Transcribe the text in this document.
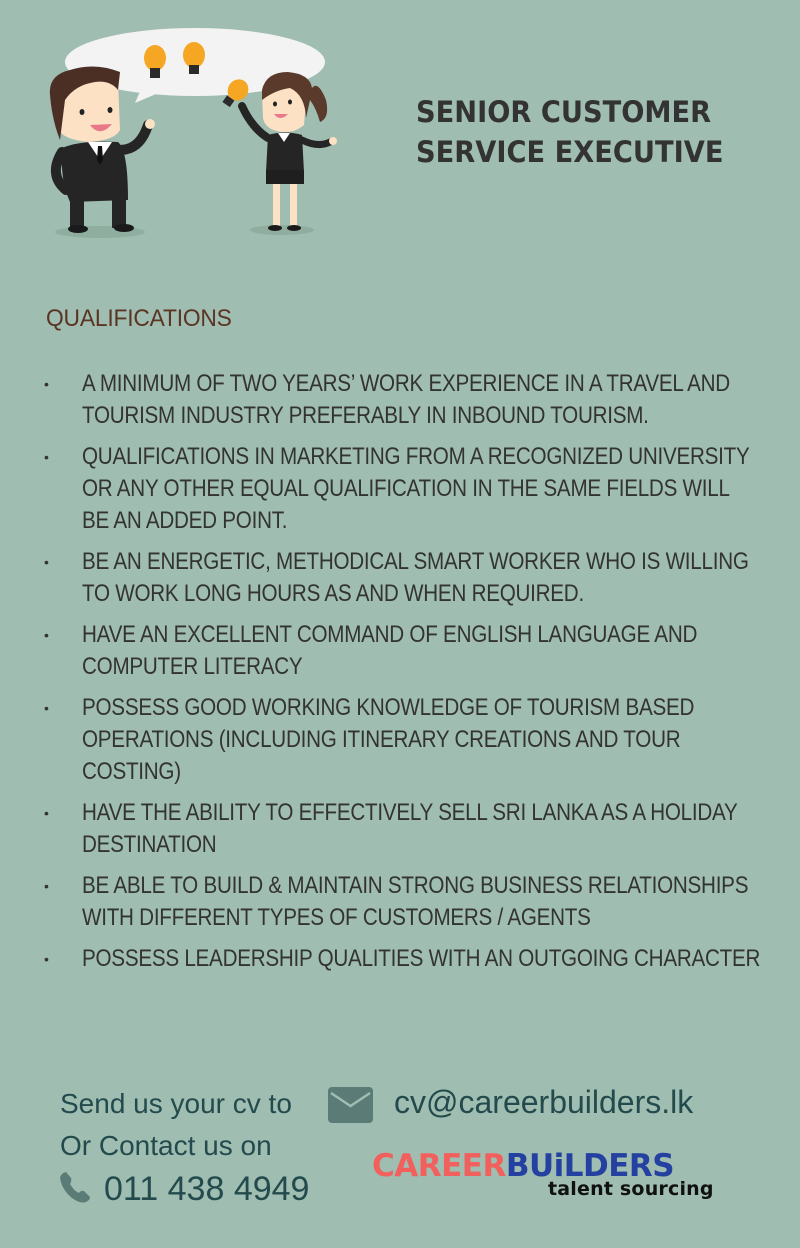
SENIOR CUSTOMER
SERVICE EXECUTIVE
QUALIFICATIONS
• A MINIMUM OF TWO YEARS’ WORK EXPERIENCE IN A TRAVEL AND TOURISM INDUSTRY PREFERABLY IN INBOUND TOURISM.
• QUALIFICATIONS IN MARKETING FROM A RECOGNIZED UNIVERSITY OR ANY OTHER EQUAL QUALIFICATION IN THE SAME FIELDS WILL BE AN ADDED POINT.
• BE AN ENERGETIC, METHODICAL SMART WORKER WHO IS WILLING TO WORK LONG HOURS AS AND WHEN REQUIRED.
• HAVE AN EXCELLENT COMMAND OF ENGLISH LANGUAGE AND COMPUTER LITERACY
• POSSESS GOOD WORKING KNOWLEDGE OF TOURISM BASED OPERATIONS (INCLUDING ITINERARY CREATIONS AND TOUR COSTING)
• HAVE THE ABILITY TO EFFECTIVELY SELL SRI LANKA AS A HOLIDAY DESTINATION
• BE ABLE TO BUILD & MAINTAIN STRONG BUSINESS RELATIONSHIPS WITH DIFFERENT TYPES OF CUSTOMERS / AGENTS
• POSSESS LEADERSHIP QUALITIES WITH AN OUTGOING CHARACTER
Send us your cv to	cv@careerbuilders.lk
Or Contact us on
011 438 4949
CAREERBUiLDERS
talent sourcing
